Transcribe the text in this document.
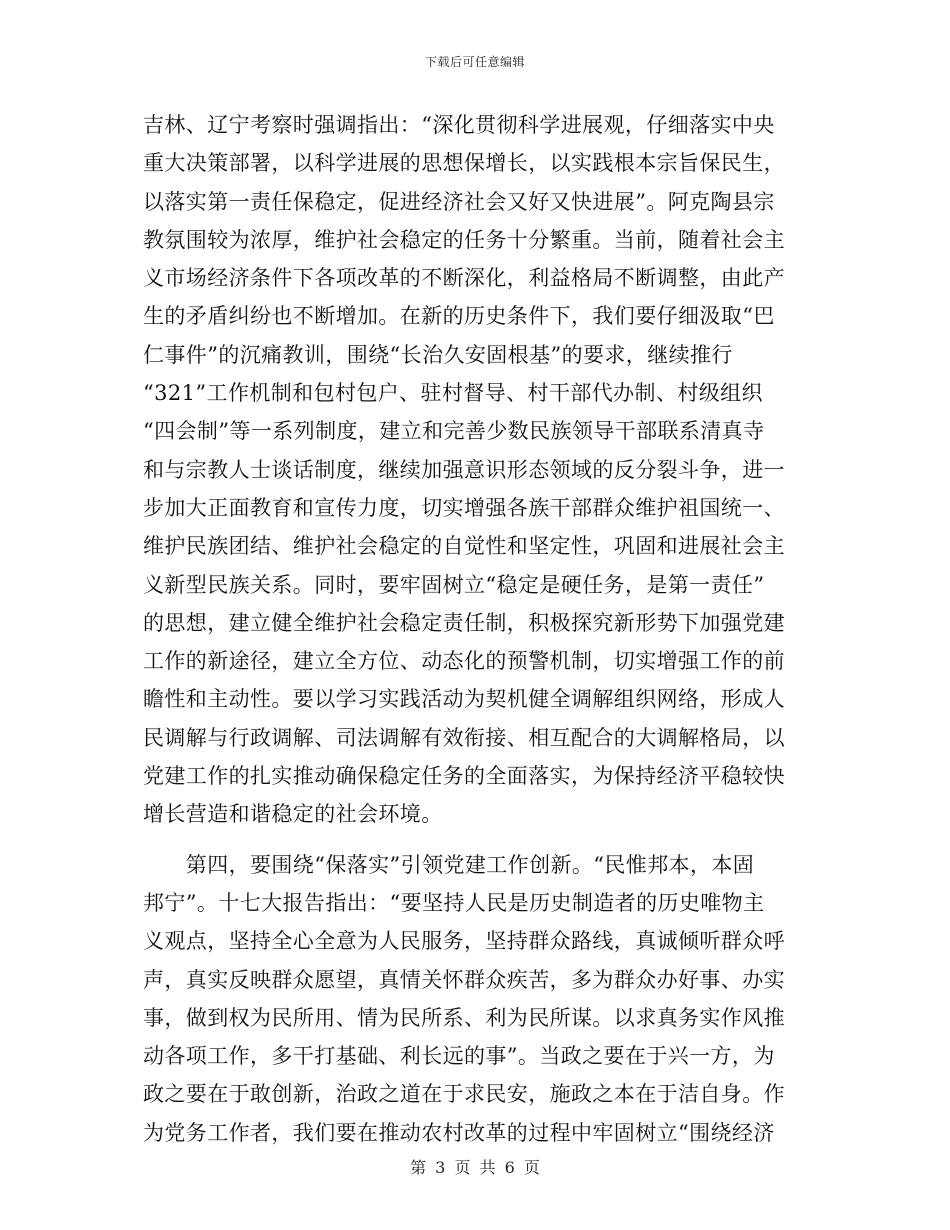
下载后可任意编辑
吉林、辽宁考察时强调指出：“深化贯彻科学进展观，仔细落实中央
重大决策部署，以科学进展的思想保增长，以实践根本宗旨保民生，
以落实第一责任保稳定，促进经济社会又好又快进展”。阿克陶县宗
教氛围较为浓厚，维护社会稳定的任务十分繁重。当前，随着社会主
义市场经济条件下各项改革的不断深化，利益格局不断调整，由此产
生的矛盾纠纷也不断增加。在新的历史条件下，我们要仔细汲取“巴
仁事件”的沉痛教训，围绕“长治久安固根基”的要求，继续推行
“321”工作机制和包村包户、驻村督导、村干部代办制、村级组织
“四会制”等一系列制度，建立和完善少数民族领导干部联系清真寺
和与宗教人士谈话制度，继续加强意识形态领域的反分裂斗争，进一
步加大正面教育和宣传力度，切实增强各族干部群众维护祖国统一、
维护民族团结、维护社会稳定的自觉性和坚定性，巩固和进展社会主
义新型民族关系。同时，要牢固树立“稳定是硬任务，是第一责任”
的思想，建立健全维护社会稳定责任制，积极探究新形势下加强党建
工作的新途径，建立全方位、动态化的预警机制，切实增强工作的前
瞻性和主动性。要以学习实践活动为契机健全调解组织网络，形成人
民调解与行政调解、司法调解有效衔接、相互配合的大调解格局，以
党建工作的扎实推动确保稳定任务的全面落实，为保持经济平稳较快
增长营造和谐稳定的社会环境。
　　第四，要围绕“保落实”引领党建工作创新。“民惟邦本，本固
邦宁”。十七大报告指出：“要坚持人民是历史制造者的历史唯物主
义观点，坚持全心全意为人民服务，坚持群众路线，真诚倾听群众呼
声，真实反映群众愿望，真情关怀群众疾苦，多为群众办好事、办实
事，做到权为民所用、情为民所系、利为民所谋。以求真务实作风推
动各项工作，多干打基础、利长远的事”。当政之要在于兴一方，为
政之要在于敢创新，治政之道在于求民安，施政之本在于洁自身。作
为党务工作者，我们要在推动农村改革的过程中牢固树立“围绕经济
第 3 页 共 6 页
